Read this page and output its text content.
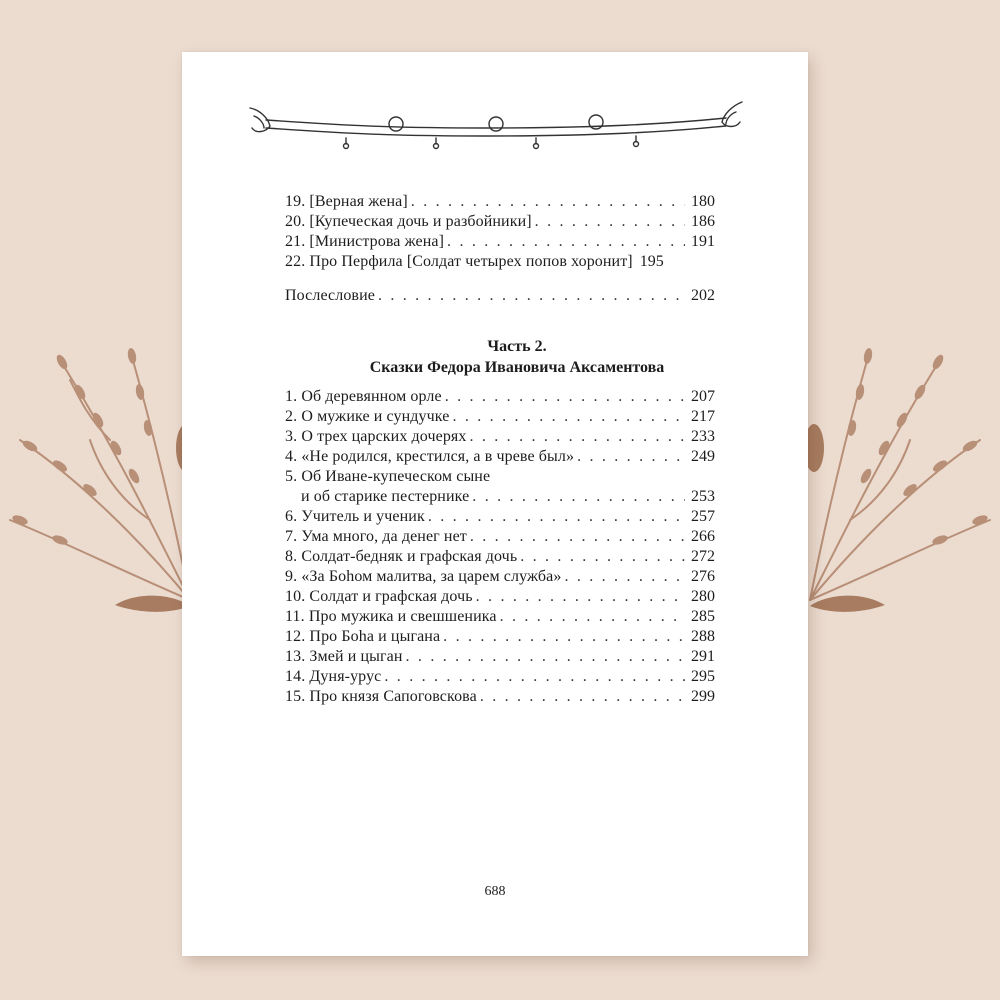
19. [Верная жена] . . .	180
20. [Купеческая дочь и разбойники] . . .	186
21. [Министрова жена] . . .	191
22. Про Перфила [Солдат четырех попов хоронит] 195
Послесловие . . .	202
Часть 2.
Сказки Федора Ивановича Аксаментова
1. Об деревянном орле . . .	207
2. О мужике и сундучке . . .	217
3. О трех царских дочерях . . .	233
4. «Не родился, крестился, а в чреве был» . . .	249
5. Об Иване-купеческом сыне
и об старике пестернике . . .	253
6. Учитель и ученик . . .	257
7. Ума много, да денег нет . . .	266
8. Солдат-бедняк и графская дочь . . .	272
9. «За Боhом малитва, за царем служба» . . .	276
10. Солдат и графская дочь . . .	280
11. Про мужика и свешшеника . . .	285
12. Про Боhа и цыгана . . .	288
13. Змей и цыган . . .	291
14. Дуня-урус . . .	295
15. Про князя Сапоговскова . . .	299
688
